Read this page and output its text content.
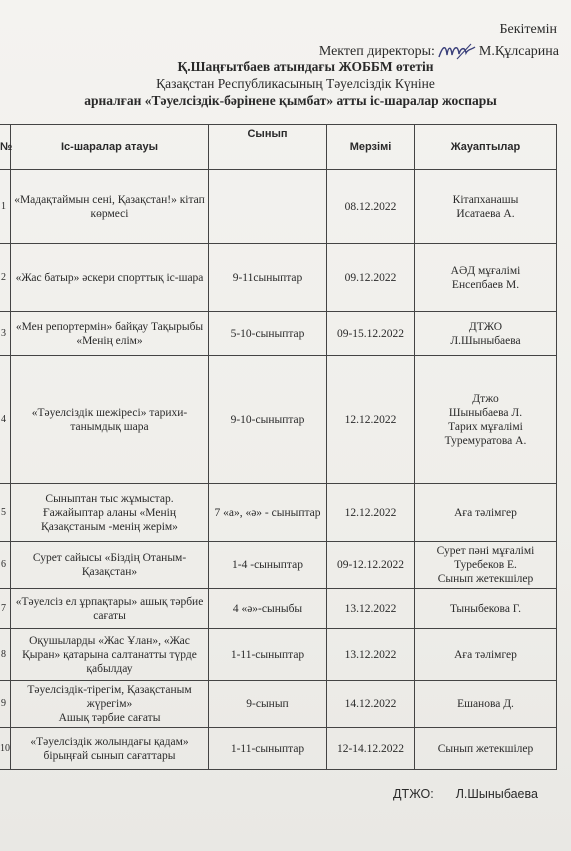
Бекітемін
Мектеп директоры:	М.Құлсарина
Қ.Шаңғытбаев атындағы ЖОББМ өтетін
Қазақстан Республикасының Тәуелсіздік Күніне
арналған «Тәуелсіздік-бәрінене қымбат» атты іс-шаралар жоспары
№	Іс-шаралар атауы	Сынып	Мерзімі	Жауаптылар
1	«Мадақтаймын сені, Қазақстан!» кітап көрмесі		08.12.2022	Кітапханашы
Исатаева А.
2	«Жас батыр» әскери спорттық іс-шара	9-11сыныптар	09.12.2022	АӘД мұғалімі
Енсепбаев М.
3	«Мен репортермін» байқау Тақырыбы «Менің елім»	5-10-сыныптар	09-15.12.2022	ДТЖО
Л.Шыныбаева
4	«Тәуелсіздік шежіресі» тарихи-танымдық шара	9-10-сыныптар	12.12.2022	Дтжо
Шыныбаева Л.
Тарих мұғалімі
Туремуратова А.
5	Сыныптан тыс жұмыстар. Ғажайыптар аланы «Менің Қазақстаным -менің жерім»	7 «а», «ә» - сыныптар	12.12.2022	Аға тәлімгер
6	Сурет сайысы «Біздің Отаным-Қазақстан»	1-4 -сыныптар	09-12.12.2022	Сурет пәні мұғалімі
Туребеков Е.
Сынып жетекшілер
7	«Тәуелсіз ел ұрпақтары» ашық тәрбие сағаты	4 «ә»-сыныбы	13.12.2022	Тыныбекова Г.
8	Оқушыларды «Жас Ұлан», «Жас Қыран» қатарына салтанатты түрде қабылдау	1-11-сыныптар	13.12.2022	Аға тәлімгер
9	Тәуелсіздік-тірегім, Қазақстаным жүрегім»
Ашық тәрбие сағаты	9-сынып	14.12.2022	Ешанова Д.
10	«Тәуелсіздік жолындағы қадам» бірыңғай сынып сағаттары	1-11-сыныптар	12-14.12.2022	Сынып жетекшілер
ДТЖО: Л.Шыныбаева
